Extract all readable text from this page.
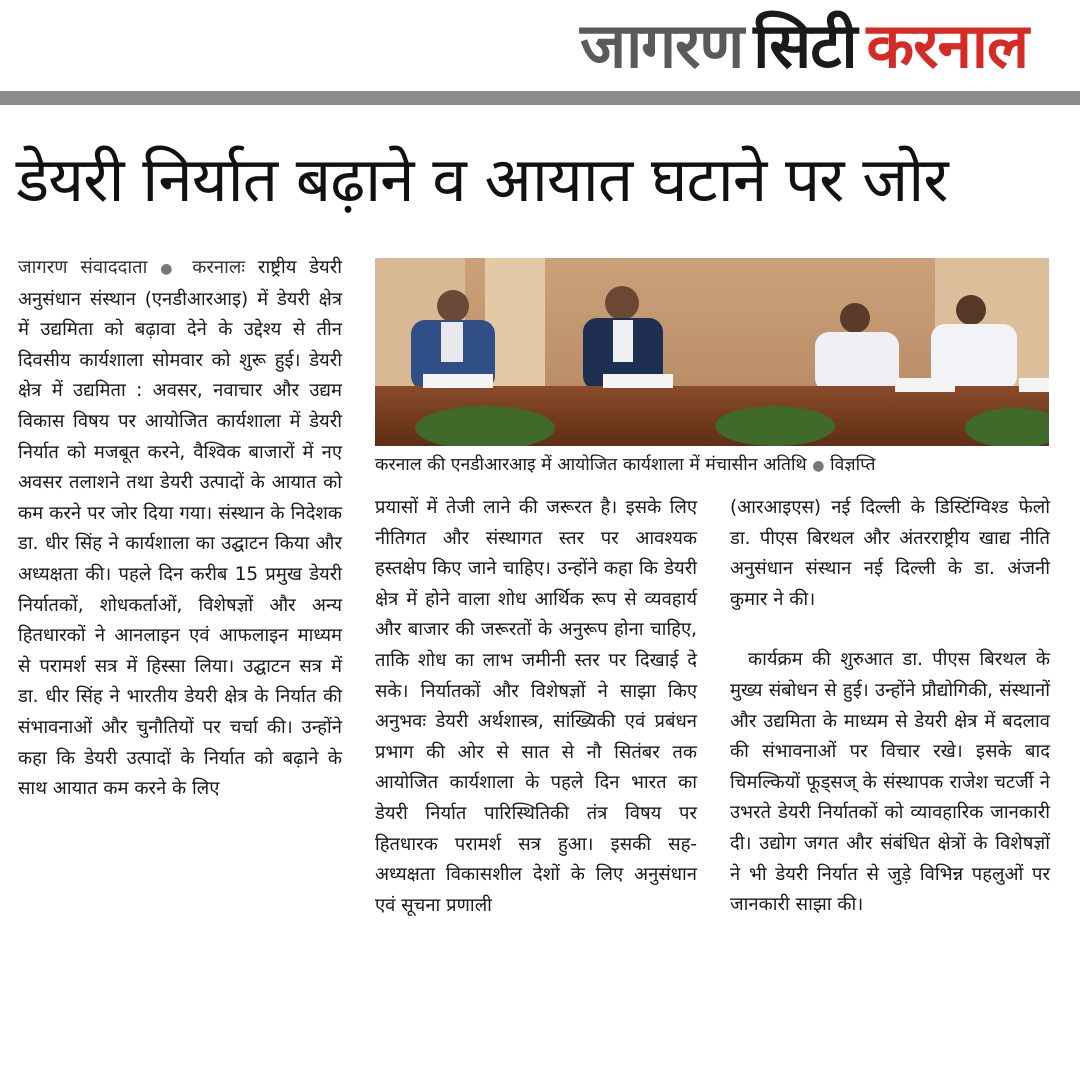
जागरण सिटी करनाल
डेयरी निर्यात बढ़ाने व आयात घटाने पर जोर

जागरण संवाददाता ● करनालः राष्ट्रीय डेयरी अनुसंधान संस्थान (एनडीआरआइ) में डेयरी क्षेत्र में उद्यमिता को बढ़ावा देने के उद्देश्य से तीन दिवसीय कार्यशाला सोमवार को शुरू हुई। डेयरी क्षेत्र में उद्यमिता : अवसर, नवाचार और उद्यम विकास विषय पर आयोजित कार्यशाला में डेयरी निर्यात को मजबूत करने, वैश्विक बाजारों में नए अवसर तलाशने तथा डेयरी उत्पादों के आयात को कम करने पर जोर दिया गया। संस्थान के निदेशक डा. धीर सिंह ने कार्यशाला का उद्घाटन किया और अध्यक्षता की। पहले दिन करीब 15 प्रमुख डेयरी निर्यातकों, शोधकर्ताओं, विशेषज्ञों और अन्य हितधारकों ने आनलाइन एवं आफलाइन माध्यम से परामर्श सत्र में हिस्सा लिया। उद्घाटन सत्र में डा. धीर सिंह ने भारतीय डेयरी क्षेत्र के निर्यात की संभावनाओं और चुनौतियों पर चर्चा की। उन्होंने कहा कि डेयरी उत्पादों के निर्यात को बढ़ाने के साथ आयात कम करने के लिए

करनाल की एनडीआरआइ में आयोजित कार्यशाला में मंचासीन अतिथि ● विज्ञप्ति

प्रयासों में तेजी लाने की जरूरत है। इसके लिए नीतिगत और संस्थागत स्तर पर आवश्यक हस्तक्षेप किए जाने चाहिए। उन्होंने कहा कि डेयरी क्षेत्र में होने वाला शोध आर्थिक रूप से व्यवहार्य और बाजार की जरूरतों के अनुरूप होना चाहिए, ताकि शोध का लाभ जमीनी स्तर पर दिखाई दे सके। निर्यातकों और विशेषज्ञों ने साझा किए अनुभवः डेयरी अर्थशास्त्र, सांख्यिकी एवं प्रबंधन प्रभाग की ओर से सात से नौ सितंबर तक आयोजित कार्यशाला के पहले दिन भारत का डेयरी निर्यात पारिस्थितिकी तंत्र विषय पर हितधारक परामर्श सत्र हुआ। इसकी सह-अध्यक्षता विकासशील देशों के लिए अनुसंधान एवं सूचना प्रणाली

(आरआइएस) नई दिल्ली के डिस्टिंग्विश्ड फेलो डा. पीएस बिरथल और अंतरराष्ट्रीय खाद्य नीति अनुसंधान संस्थान नई दिल्ली के डा. अंजनी कुमार ने की।

कार्यक्रम की शुरुआत डा. पीएस बिरथल के मुख्य संबोधन से हुई। उन्होंने प्रौद्योगिकी, संस्थानों और उद्यमिता के माध्यम से डेयरी क्षेत्र में बदलाव की संभावनाओं पर विचार रखे। इसके बाद चिमल्कियों फूड्सज् के संस्थापक राजेश चटर्जी ने उभरते डेयरी निर्यातकों को व्यावहारिक जानकारी दी। उद्योग जगत और संबंधित क्षेत्रों के विशेषज्ञों ने भी डेयरी निर्यात से जुड़े विभिन्न पहलुओं पर जानकारी साझा की।
